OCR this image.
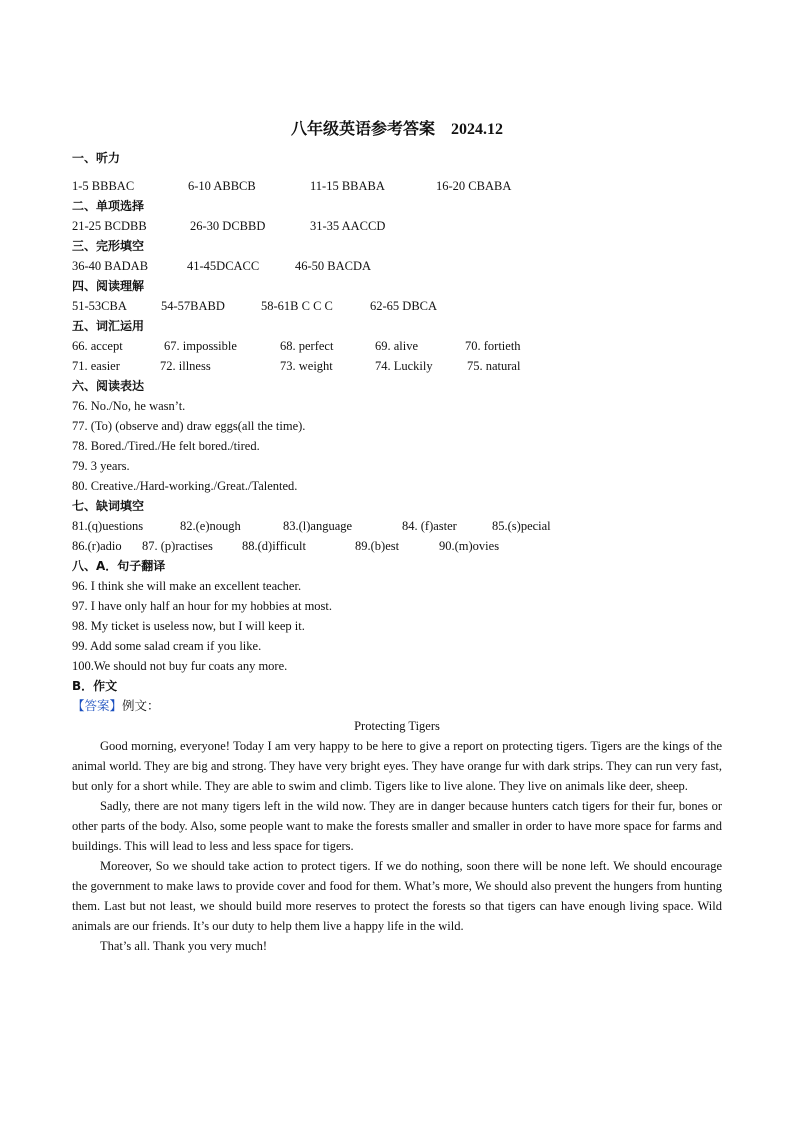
八年级英语参考答案　2024.12
一、听力
1-5 BBBAC	6-10 ABBCB	11-15 BBABA	16-20 CBABA
二、单项选择
21-25 BCDBB	26-30 DCBBD	31-35 AACCD
三、完形填空
36-40 BADAB	41-45DCACC	46-50 BACDA
四、阅读理解
51-53CBA	54-57BABD	58-61B C C C	62-65 DBCA
五、词汇运用
66. accept	67. impossible	68. perfect	69. alive	70. fortieth
71. easier	72. illness	73. weight	74. Luckily	75. natural
六、阅读表达
76. No./No, he wasn’t.
77. (To) (observe and) draw eggs(all the time).
78. Bored./Tired./He felt bored./tired.
79. 3 years.
80. Creative./Hard-working./Great./Talented.
七、缺词填空
81.(q)uestions	82.(e)nough	83.(l)anguage	84. (f)aster	85.(s)pecial
86.(r)adio 87. (p)ractises 88.(d)ifficult	89.(b)est	90.(m)ovies
八、A．句子翻译
96. I think she will make an excellent teacher.
97. I have only half an hour for my hobbies at most.
98. My ticket is useless now, but I will keep it.
99. Add some salad cream if you like.
100.We should not buy fur coats any more.
B．作文
【答案】例文：
Protecting Tigers

Good morning, everyone! Today I am very happy to be here to give a report on protecting tigers. Tigers are the kings of the animal world. They are big and strong. They have very bright eyes. They have orange fur with dark strips. They can run very fast, but only for a short while. They are able to swim and climb. Tigers like to live alone. They live on animals like deer, sheep.

Sadly, there are not many tigers left in the wild now. They are in danger because hunters catch tigers for their fur, bones or other parts of the body. Also, some people want to make the forests smaller and smaller in order to have more space for farms and buildings. This will lead to less and less space for tigers.

Moreover, So we should take action to protect tigers. If we do nothing, soon there will be none left. We should encourage the government to make laws to provide cover and food for them. What’s more, We should also prevent the hungers from hunting them. Last but not least, we should build more reserves to protect the forests so that tigers can have enough living space. Wild animals are our friends. It’s our duty to help them live a happy life in the wild.

That’s all. Thank you very much!
